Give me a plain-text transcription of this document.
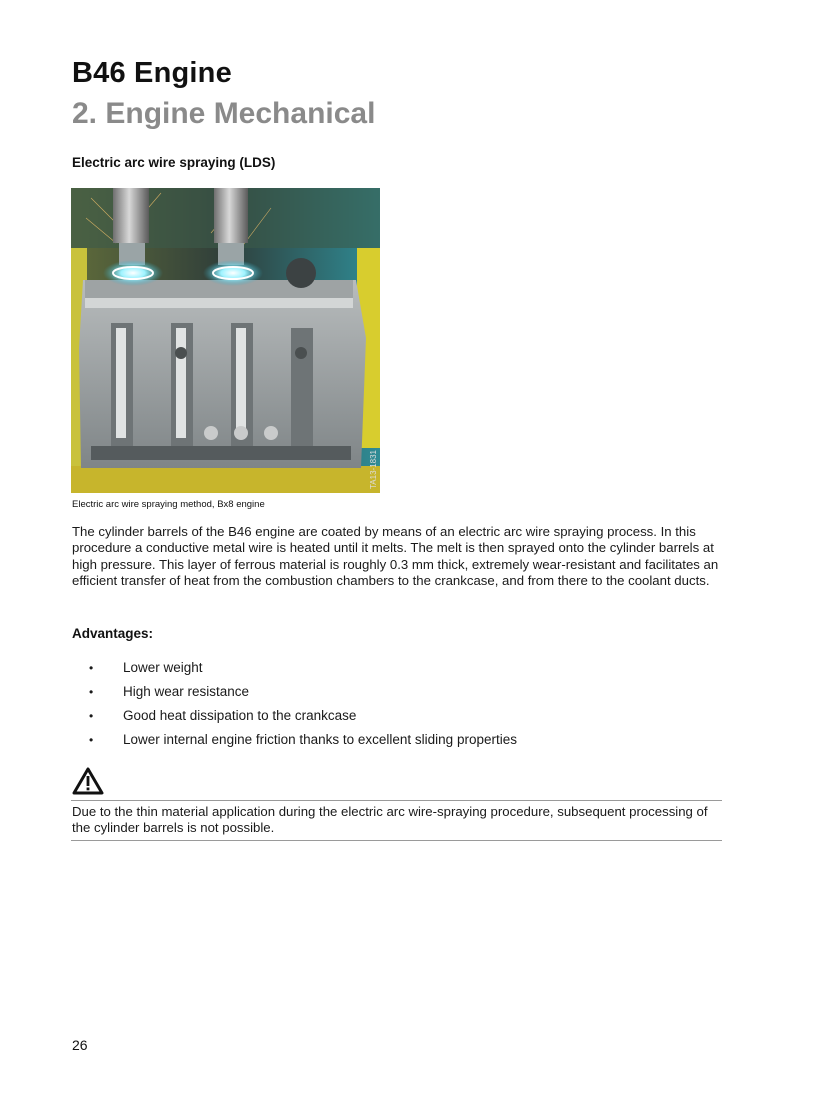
B46 Engine
2. Engine Mechanical
Electric arc wire spraying (LDS)
TA13-1831

Electric arc wire spraying method, Bx8 engine

The cylinder barrels of the B46 engine are coated by means of an electric arc wire spraying process. In this procedure a conductive metal wire is heated until it melts. The melt is then sprayed onto the cylinder barrels at high pressure. This layer of ferrous material is roughly 0.3 mm thick, extremely wear-resistant and facilitates an efficient transfer of heat from the combustion chambers to the crankcase, and from there to the coolant ducts.

Advantages:
• Lower weight
• High wear resistance
• Good heat dissipation to the crankcase
• Lower internal engine friction thanks to excellent sliding properties

Due to the thin material application during the electric arc wire-spraying procedure, subsequent processing of the cylinder barrels is not possible.

26
